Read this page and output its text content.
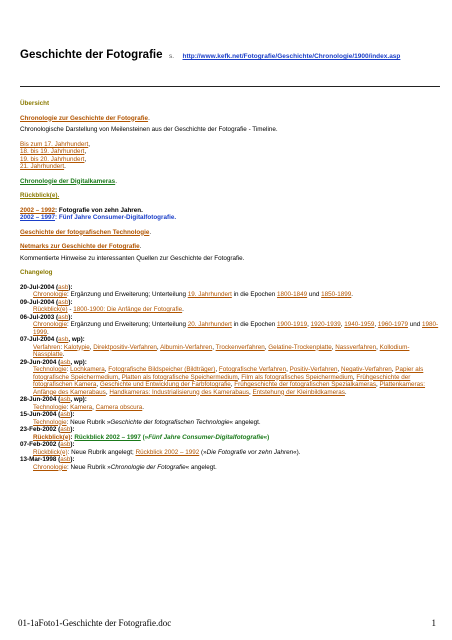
Geschichte der Fotografie s. http://www.kefk.net/Fotografie/Geschichte/Chronologie/1900/index.asp
Übersicht
Chronologie zur Geschichte der Fotografie.
Chronologische Darstellung von Meilensteinen aus der Geschichte der Fotografie - Timeline.
Bis zum 17. Jahrhundert,
18. bis 19. Jahrhundert,
19. bis 20. Jahrhundert,
21. Jahrhundert.
Chronologie der Digitalkameras.
Rückblick(e).
2002 – 1992: Fotografie von zehn Jahren.
2002 – 1997: Fünf Jahre Consumer-Digitalfotografie.
Geschichte der fotografischen Technologie.
Netmarks zur Geschichte der Fotografie.
Kommentierte Hinweise zu interessanten Quellen zur Geschichte der Fotografie.
Changelog
20-Jul-2004 (asb):
Chronologie: Ergänzung und Erweiterung; Unterteilung 19. Jahrhundert in die Epochen 1800-1849 und 1850-1899.
09-Jul-2004 (asb):
Rückblick(e) - 1800-1900: Die Anfänge der Fotografie.
06-Jul-2003 (asb):
Chronologie: Ergänzung und Erweiterung; Unterteilung 20. Jahrhundert in die Epochen 1900-1919, 1920-1939, 1940-1959, 1960-1979 und 1980-1999.
07-Jul-2004 (asb, wp):
Verfahren: Kalotypie, Direktpositiv-Verfahren, Albumin-Verfahren, Trockenverfahren, Gelatine-Trockenplatte, Nassverfahren, Kollodium-Nassplatte.
29-Jun-2004 (asb, wp):
Technologie: Lochkamera, Fotografische Bildspeicher (Bildträger), Fotografische Verfahren, Positiv-Verfahren, Negativ-Verfahren, Papier als fotografische Speichermedium, Platten als fotografische Speichermedium, Film als fotografisches Speichermedium, Frühgeschichte der fotografischen Kamera, Geschichte und Entwicklung der Farbfotografie, Frühgeschichte der fotografischen Spezialkameras, Plattenkameras: Anfänge des Kamerabaus, Handkameras: Industrialisierung des Kamerabaus, Entstehung der Kleinbildkameras.
28-Jun-2004 (asb, wp):
Technologie: Kamera, Camera obscura.
15-Jun-2004 (asb):
Technologie: Neue Rubrik »Geschichte der fotografischen Technologie« angelegt.
23-Feb-2002 (asb):
Rückblick(e): Rückblick 2002 – 1997 (»Fünf Jahre Consumer-Digitalfotografie«)
07-Feb-2002 (asb):
Rückblick(e): Neue Rubrik angelegt; Rückblick 2002 – 1992 (»Die Fotografie vor zehn Jahren«).
13-Mar-1998 (asb):
Chronologie: Neue Rubrik »Chronologie der Fotografie« angelegt.
01-1aFoto1-Geschichte der Fotografie.doc	1
